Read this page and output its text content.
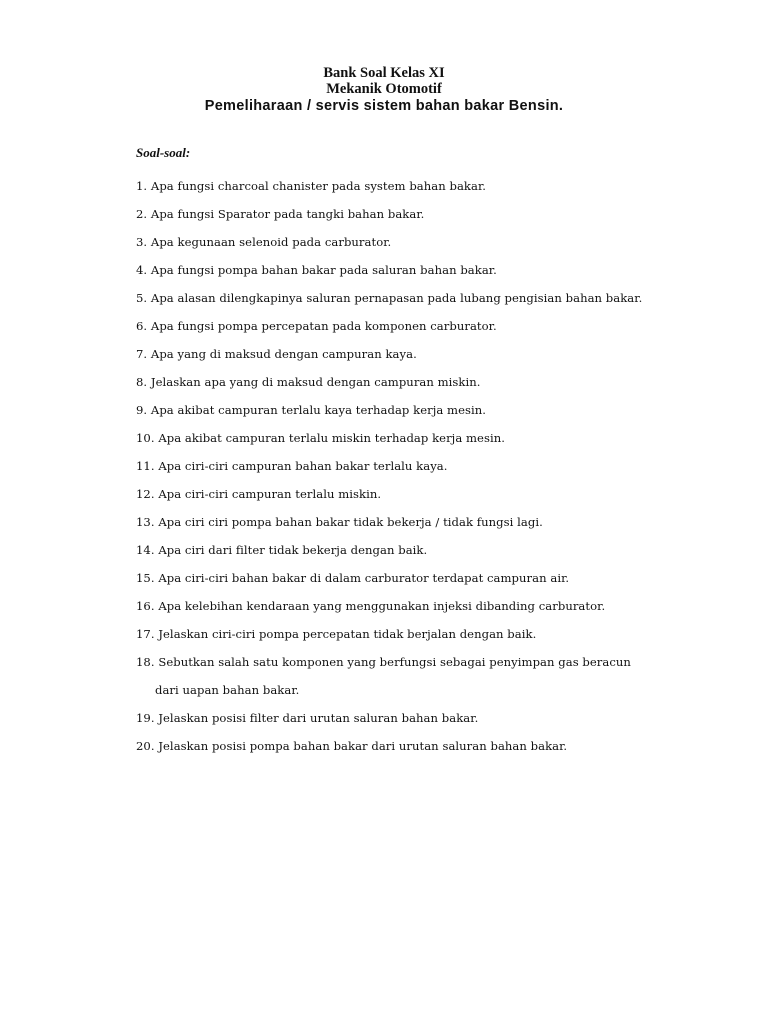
Bank Soal Kelas XI
Mekanik Otomotif
Pemeliharaan / servis sistem bahan bakar Bensin.
Soal-soal:
1. Apa fungsi charcoal chanister pada system bahan bakar.
2. Apa fungsi Sparator pada tangki bahan bakar.
3. Apa kegunaan selenoid pada carburator.
4. Apa fungsi pompa bahan bakar pada saluran bahan bakar.
5. Apa alasan dilengkapinya saluran pernapasan pada lubang pengisian bahan bakar.
6. Apa fungsi pompa percepatan pada komponen carburator.
7. Apa yang di maksud dengan campuran kaya.
8. Jelaskan apa yang di maksud dengan campuran miskin.
9. Apa akibat campuran terlalu kaya terhadap kerja mesin.
10. Apa akibat campuran terlalu miskin terhadap kerja mesin.
11. Apa ciri-ciri campuran bahan bakar terlalu kaya.
12. Apa ciri-ciri campuran terlalu miskin.
13. Apa ciri ciri pompa bahan bakar tidak bekerja / tidak fungsi lagi.
14. Apa ciri dari filter tidak bekerja dengan baik.
15. Apa ciri-ciri bahan bakar di dalam carburator terdapat campuran air.
16. Apa kelebihan kendaraan yang menggunakan injeksi dibanding carburator.
17. Jelaskan ciri-ciri pompa percepatan tidak berjalan dengan baik.
18. Sebutkan salah satu komponen yang berfungsi sebagai penyimpan gas beracun
dari uapan bahan bakar.
19. Jelaskan posisi filter dari urutan saluran bahan bakar.
20. Jelaskan posisi pompa bahan bakar dari urutan saluran bahan bakar.
